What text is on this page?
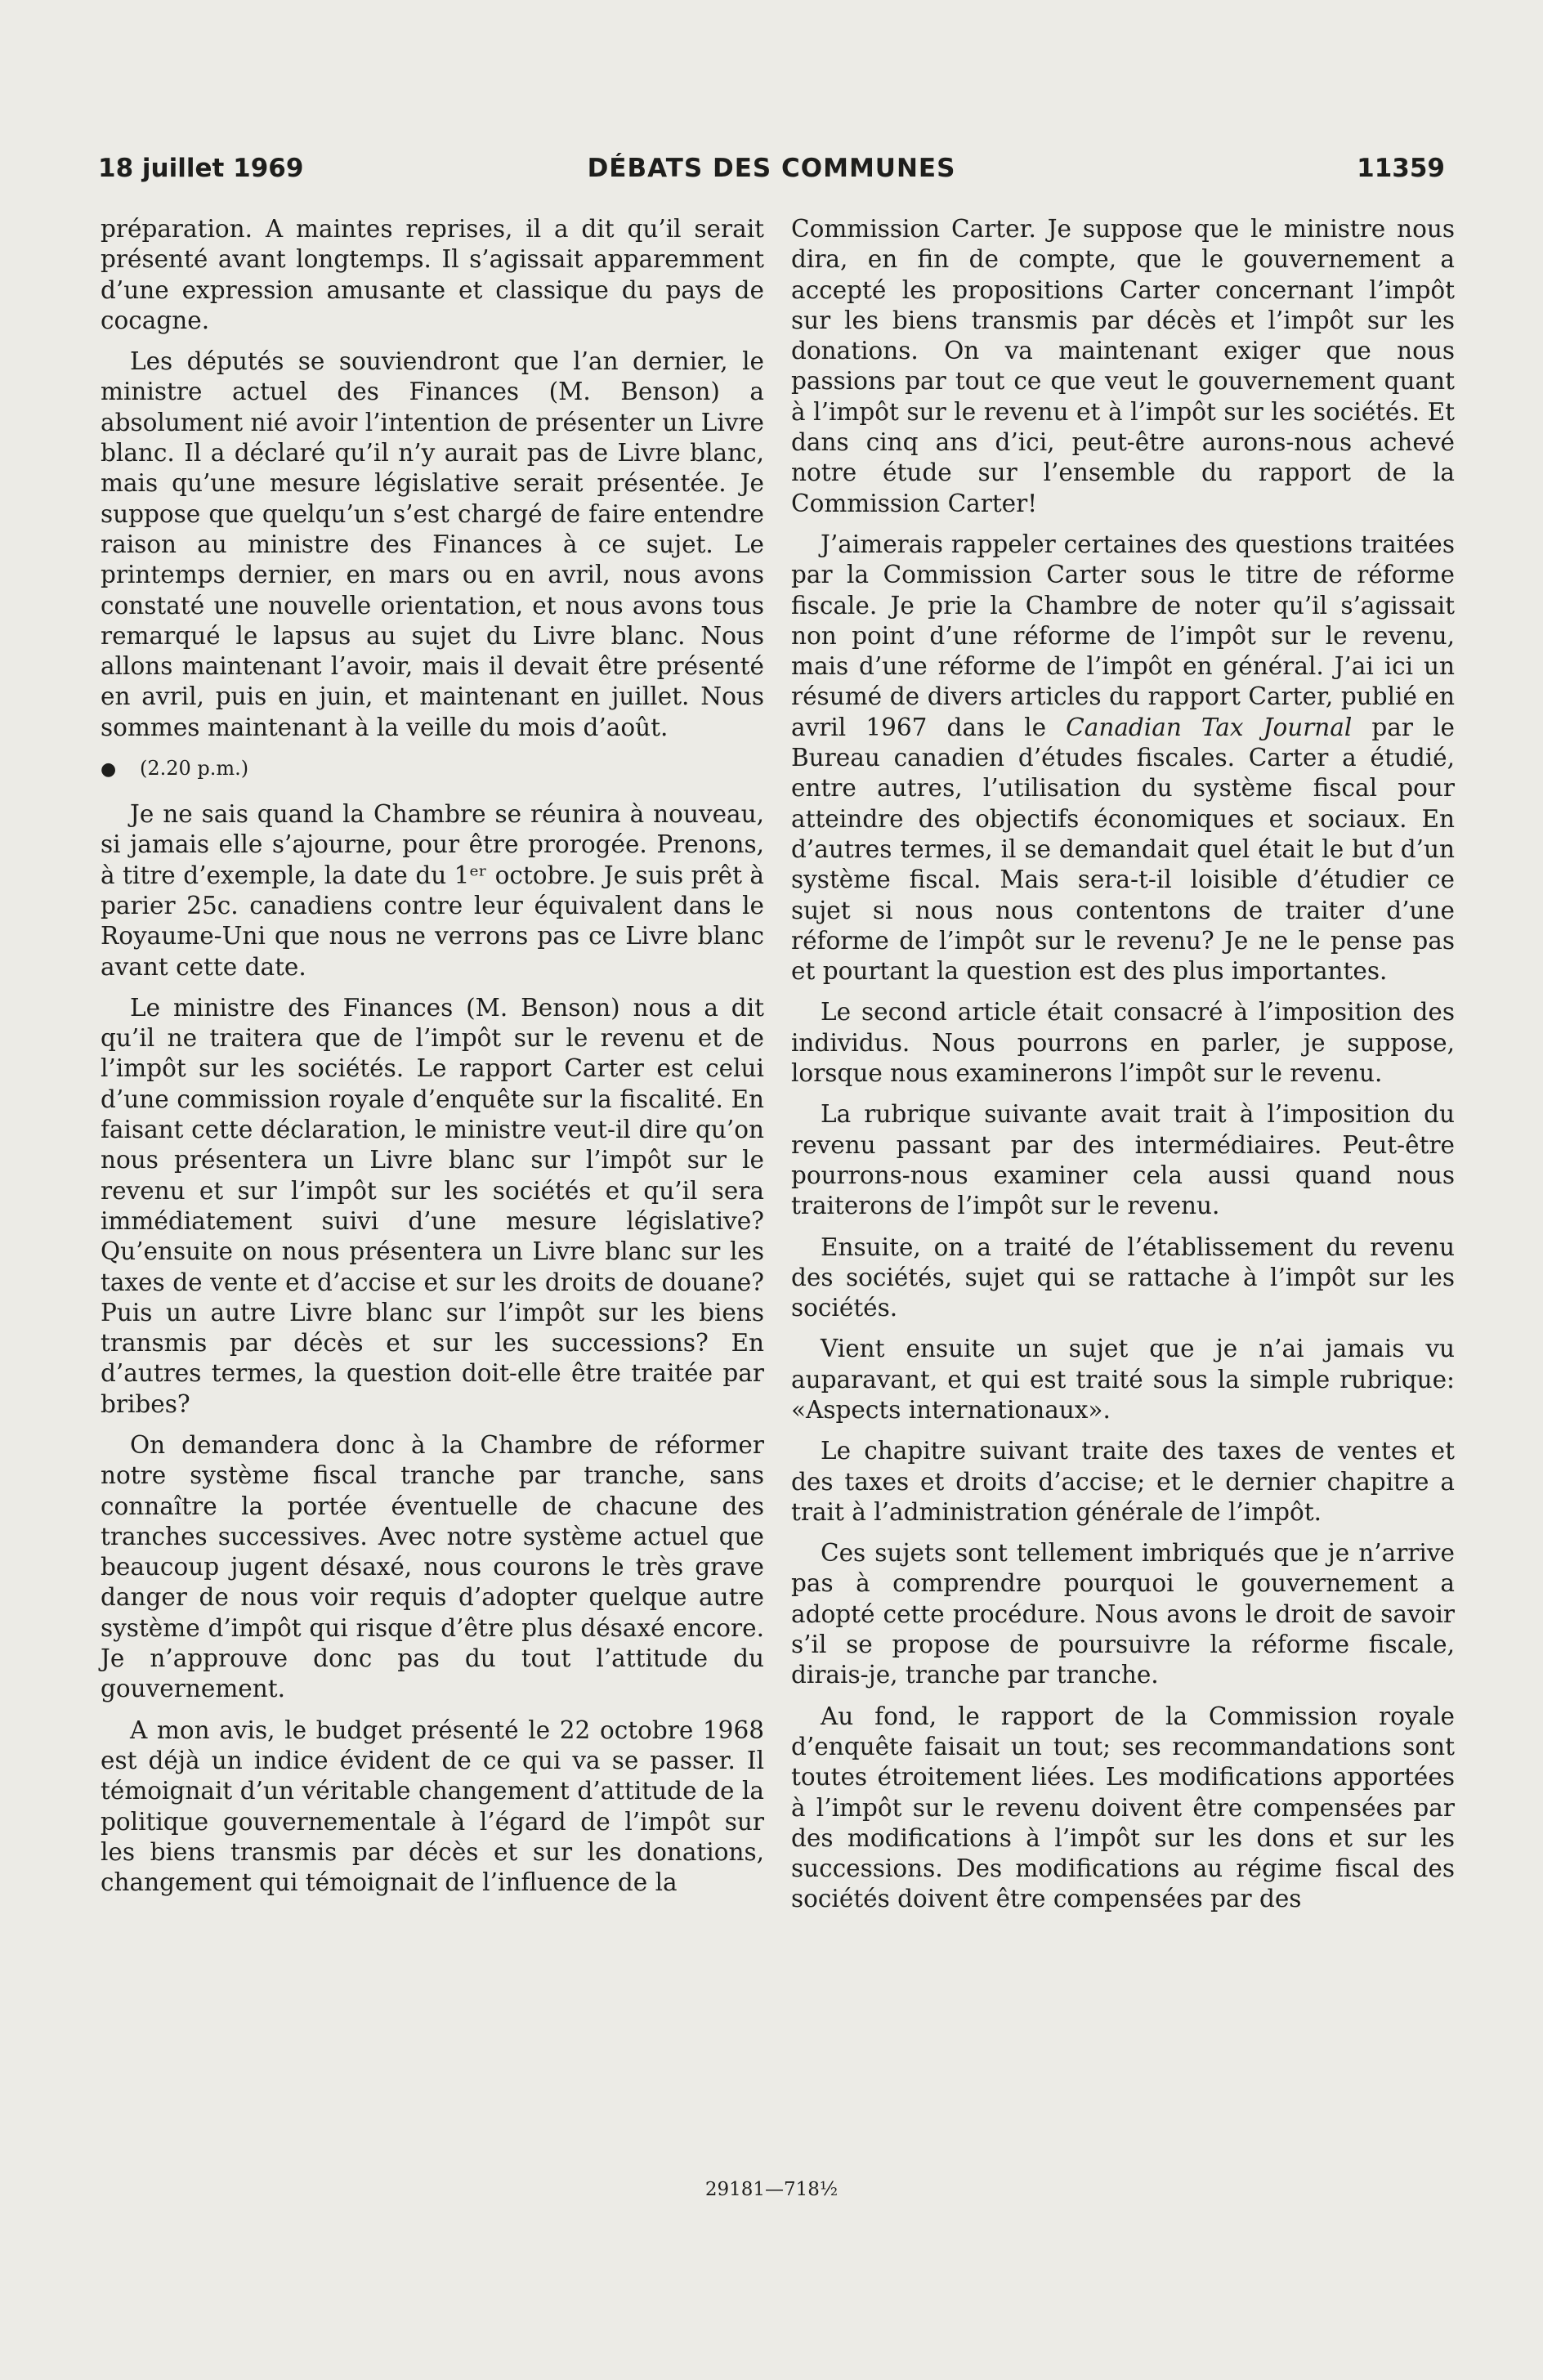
18 juillet 1969	DÉBATS DES COMMUNES	11359

préparation. A maintes reprises, il a dit qu’il serait présenté avant longtemps. Il s’agissait apparemment d’une expression amusante et classique du pays de cocagne.

Les députés se souviendront que l’an dernier, le ministre actuel des Finances (M. Benson) a absolument nié avoir l’intention de présenter un Livre blanc. Il a déclaré qu’il n’y aurait pas de Livre blanc, mais qu’une mesure législative serait présentée. Je suppose que quelqu’un s’est chargé de faire entendre raison au ministre des Finances à ce sujet. Le printemps dernier, en mars ou en avril, nous avons constaté une nouvelle orientation, et nous avons tous remarqué le lapsus au sujet du Livre blanc. Nous allons maintenant l’avoir, mais il devait être présenté en avril, puis en juin, et maintenant en juillet. Nous sommes maintenant à la veille du mois d’août.

● (2.20 p.m.)

Je ne sais quand la Chambre se réunira à nouveau, si jamais elle s’ajourne, pour être prorogée. Prenons, à titre d’exemple, la date du 1ᵉʳ octobre. Je suis prêt à parier 25c. canadiens contre leur équivalent dans le Royaume-Uni que nous ne verrons pas ce Livre blanc avant cette date.

Le ministre des Finances (M. Benson) nous a dit qu’il ne traitera que de l’impôt sur le revenu et de l’impôt sur les sociétés. Le rapport Carter est celui d’une commission royale d’enquête sur la fiscalité. En faisant cette déclaration, le ministre veut-il dire qu’on nous présentera un Livre blanc sur l’impôt sur le revenu et sur l’impôt sur les sociétés et qu’il sera immédiatement suivi d’une mesure législative? Qu’ensuite on nous présentera un Livre blanc sur les taxes de vente et d’accise et sur les droits de douane? Puis un autre Livre blanc sur l’impôt sur les biens transmis par décès et sur les successions? En d’autres termes, la question doit-elle être traitée par bribes?

On demandera donc à la Chambre de réformer notre système fiscal tranche par tranche, sans connaître la portée éventuelle de chacune des tranches successives. Avec notre système actuel que beaucoup jugent désaxé, nous courons le très grave danger de nous voir requis d’adopter quelque autre système d’impôt qui risque d’être plus désaxé encore. Je n’approuve donc pas du tout l’attitude du gouvernement.

A mon avis, le budget présenté le 22 octobre 1968 est déjà un indice évident de ce qui va se passer. Il témoignait d’un véritable changement d’attitude de la politique gouvernementale à l’égard de l’impôt sur les biens transmis par décès et sur les donations, changement qui témoignait de l’influence de la

Commission Carter. Je suppose que le ministre nous dira, en fin de compte, que le gouvernement a accepté les propositions Carter concernant l’impôt sur les biens transmis par décès et l’impôt sur les donations. On va maintenant exiger que nous passions par tout ce que veut le gouvernement quant à l’impôt sur le revenu et à l’impôt sur les sociétés. Et dans cinq ans d’ici, peut-être aurons-nous achevé notre étude sur l’ensemble du rapport de la Commission Carter!

J’aimerais rappeler certaines des questions traitées par la Commission Carter sous le titre de réforme fiscale. Je prie la Chambre de noter qu’il s’agissait non point d’une réforme de l’impôt sur le revenu, mais d’une réforme de l’impôt en général. J’ai ici un résumé de divers articles du rapport Carter, publié en avril 1967 dans le Canadian Tax Journal par le Bureau canadien d’études fiscales. Carter a étudié, entre autres, l’utilisation du système fiscal pour atteindre des objectifs économiques et sociaux. En d’autres termes, il se demandait quel était le but d’un système fiscal. Mais sera-t-il loisible d’étudier ce sujet si nous nous contentons de traiter d’une réforme de l’impôt sur le revenu? Je ne le pense pas et pourtant la question est des plus importantes.

Le second article était consacré à l’imposition des individus. Nous pourrons en parler, je suppose, lorsque nous examinerons l’impôt sur le revenu.

La rubrique suivante avait trait à l’imposition du revenu passant par des intermédiaires. Peut-être pourrons-nous examiner cela aussi quand nous traiterons de l’impôt sur le revenu.

Ensuite, on a traité de l’établissement du revenu des sociétés, sujet qui se rattache à l’impôt sur les sociétés.

Vient ensuite un sujet que je n’ai jamais vu auparavant, et qui est traité sous la simple rubrique: «Aspects internationaux».

Le chapitre suivant traite des taxes de ventes et des taxes et droits d’accise; et le dernier chapitre a trait à l’administration générale de l’impôt.

Ces sujets sont tellement imbriqués que je n’arrive pas à comprendre pourquoi le gouvernement a adopté cette procédure. Nous avons le droit de savoir s’il se propose de poursuivre la réforme fiscale, dirais-je, tranche par tranche.

Au fond, le rapport de la Commission royale d’enquête faisait un tout; ses recommandations sont toutes étroitement liées. Les modifications apportées à l’impôt sur le revenu doivent être compensées par des modifications à l’impôt sur les dons et sur les successions. Des modifications au régime fiscal des sociétés doivent être compensées par des

29181—718½
